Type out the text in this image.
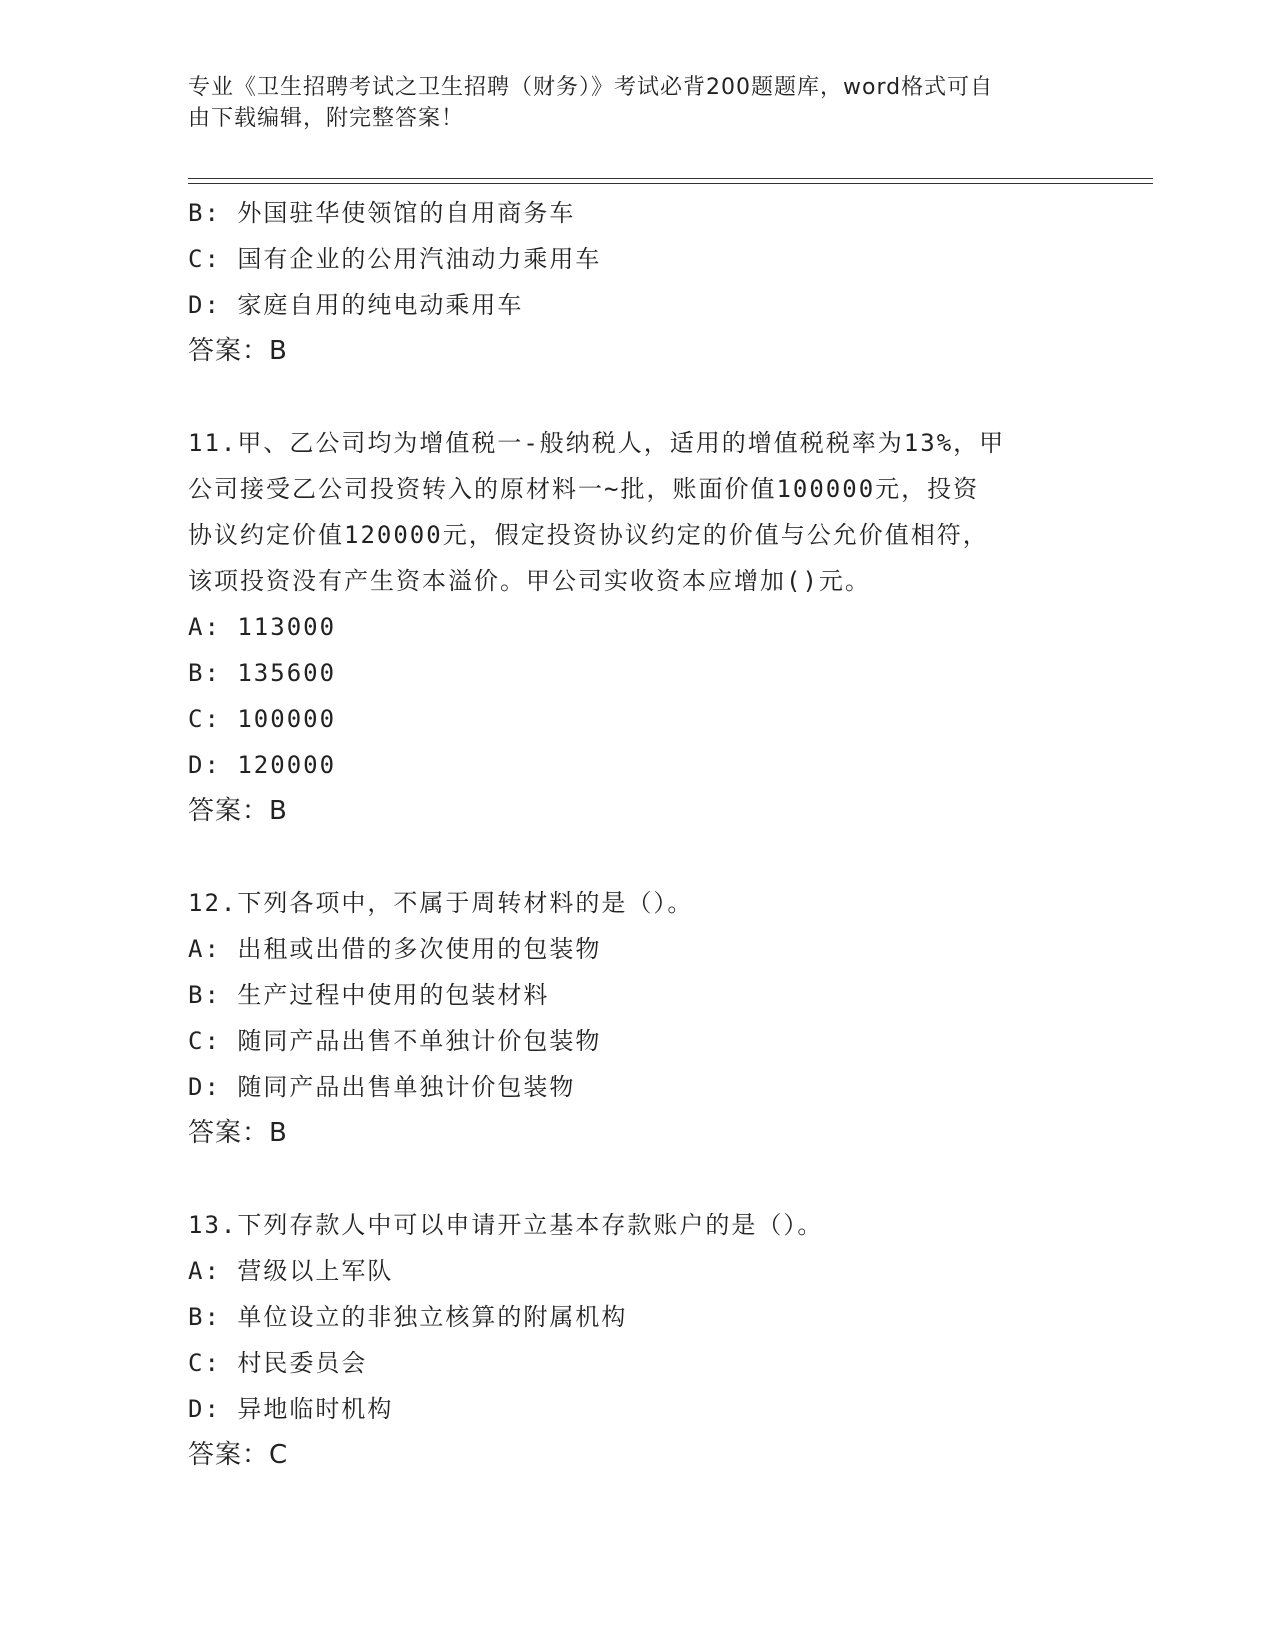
专业《卫生招聘考试之卫生招聘（财务）》考试必背200题题库，word格式可自
由下载编辑，附完整答案！

B: 外国驻华使领馆的自用商务车

C: 国有企业的公用汽油动力乘用车

D: 家庭自用的纯电动乘用车

答案：B

11.甲、乙公司均为增值税一-般纳税人，适用的增值税税率为13%，甲

公司接受乙公司投资转入的原材料一~批，账面价值100000元，投资

协议约定价值120000元，假定投资协议约定的价值与公允价值相符，

该项投资没有产生资本溢价。甲公司实收资本应增加()元。

A: 113000

B: 135600

C: 100000

D: 120000

答案：B

12.下列各项中，不属于周转材料的是（）。

A: 出租或出借的多次使用的包装物

B: 生产过程中使用的包装材料

C: 随同产品出售不单独计价包装物

D: 随同产品出售单独计价包装物

答案：B

13.下列存款人中可以申请开立基本存款账户的是（）。

A: 营级以上军队

B: 单位设立的非独立核算的附属机构

C: 村民委员会

D: 异地临时机构

答案：C
